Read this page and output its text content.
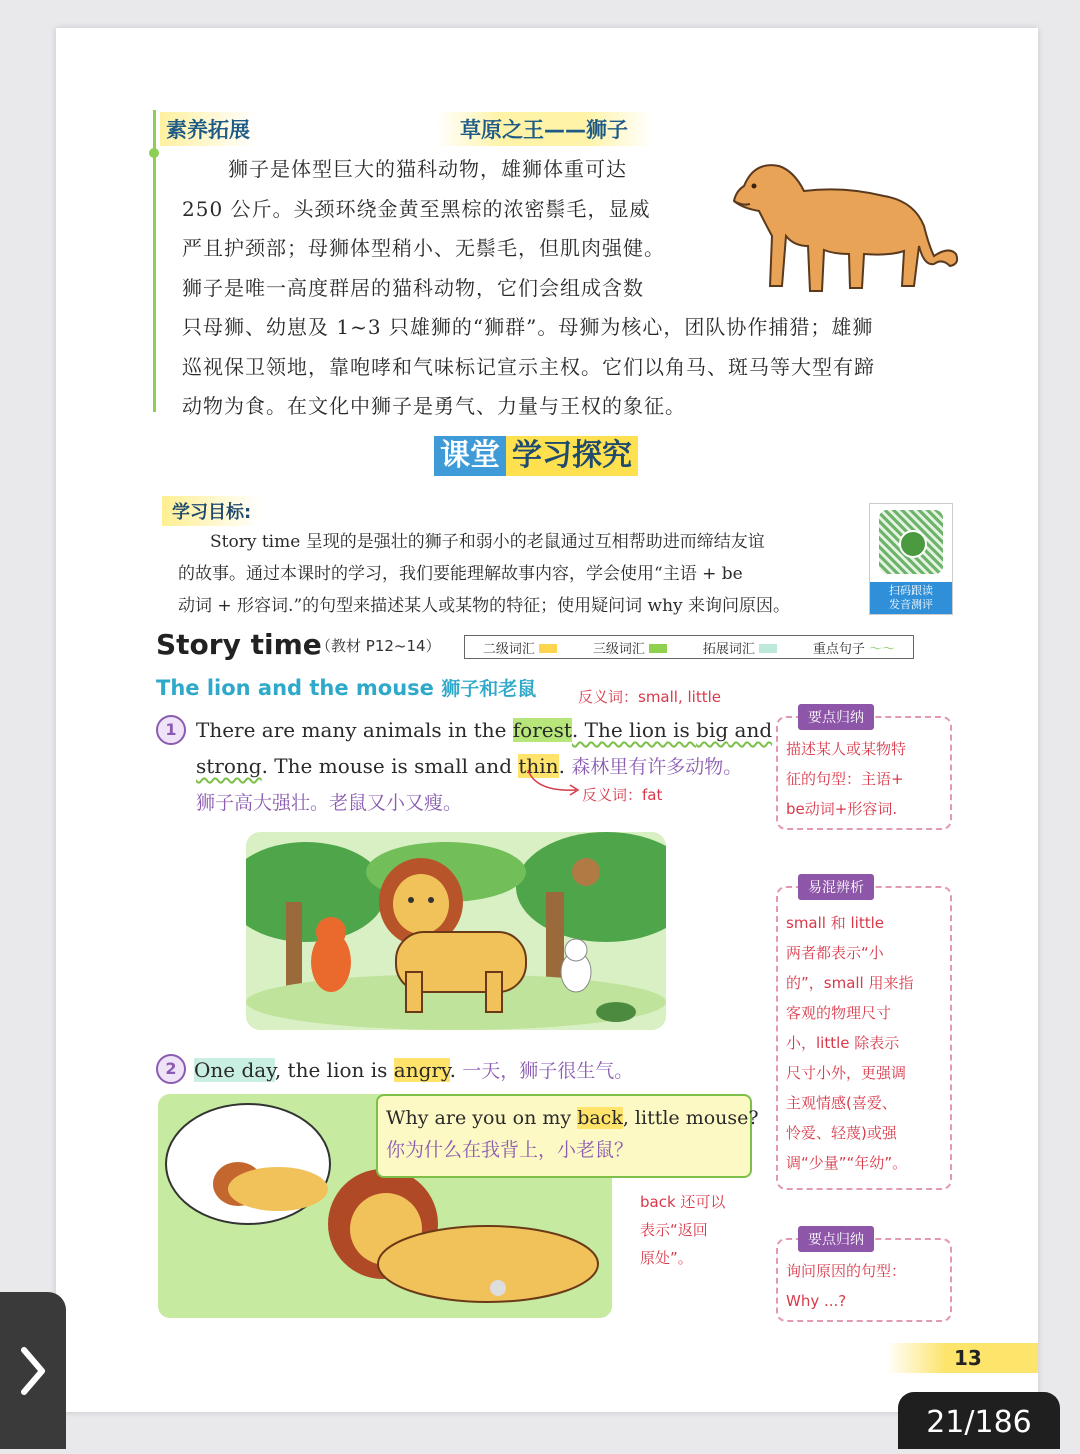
素养拓展	草原之王——狮子
狮子是体型巨大的猫科动物，雄狮体重可达
250 公斤。头颈环绕金黄至黑棕的浓密鬃毛，显威
严且护颈部；母狮体型稍小、无鬃毛，但肌肉强健。
狮子是唯一高度群居的猫科动物，它们会组成含数
只母狮、幼崽及 1~3 只雄狮的“狮群”。母狮为核心，团队协作捕猎；雄狮
巡视保卫领地，靠咆哮和气味标记宣示主权。它们以角马、斑马等大型有蹄
动物为食。在文化中狮子是勇气、力量与王权的象征。
课堂 学习探究
学习目标:
Story time 呈现的是强壮的狮子和弱小的老鼠通过互相帮助进而缔结友谊
的故事。通过本课时的学习，我们要能理解故事内容，学会使用“主语 + be
动词 + 形容词.”的句型来描述某人或某物的特征；使用疑问词 why 来询问原因。
扫码跟读
发音测评
Story time
（教材 P12~14）	二级词汇	三级词汇	拓展词汇	重点句子 〜〜
The lion and the mouse 狮子和老鼠	反义词：small, little
1 There are many animals in the forest. The lion is big and
strong. The mouse is small and thin. 森林里有许多动物。
狮子高大强壮。老鼠又小又瘦。	反义词：fat
2 One day, the lion is angry. 一天，狮子很生气。
Why are you on my back, little mouse?
你为什么在我背上，小老鼠？
back 还可以
表示“返回
原处”。
要点归纳
描述某人或某物特
征的句型：主语+
be动词+形容词.
易混辨析
small 和 little
两者都表示“小
的”，small 用来指
客观的物理尺寸
小，little 除表示
尺寸小外，更强调
主观情感(喜爱、
怜爱、轻蔑)或强
调“少量”“年幼”。
要点归纳
询问原因的句型：
Why ...?
13
21/186
